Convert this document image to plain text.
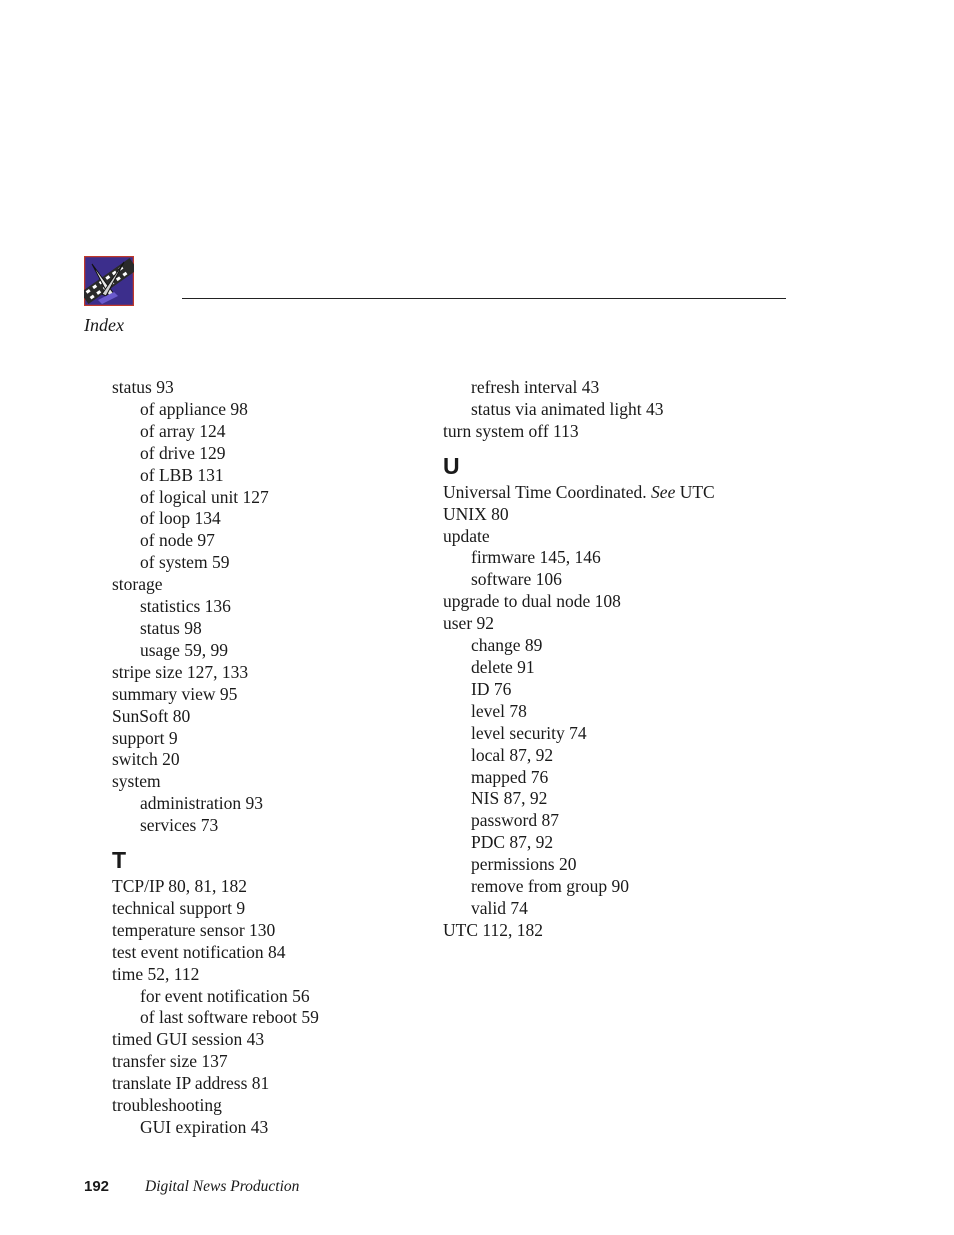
Index
status 93
of appliance 98
of array 124
of drive 129
of LBB 131
of logical unit 127
of loop 134
of node 97
of system 59
storage
statistics 136
status 98
usage 59, 99
stripe size 127, 133
summary view 95
SunSoft 80
support 9
switch 20
system
administration 93
services 73
T
TCP/IP 80, 81, 182
technical support 9
temperature sensor 130
test event notification 84
time 52, 112
for event notification 56
of last software reboot 59
timed GUI session 43
transfer size 137
translate IP address 81
troubleshooting
GUI expiration 43
refresh interval 43
status via animated light 43
turn system off 113
U
Universal Time Coordinated. See UTC
UNIX 80
update
firmware 145, 146
software 106
upgrade to dual node 108
user 92
change 89
delete 91
ID 76
level 78
level security 74
local 87, 92
mapped 76
NIS 87, 92
password 87
PDC 87, 92
permissions 20
remove from group 90
valid 74
UTC 112, 182
192 Digital News Production
